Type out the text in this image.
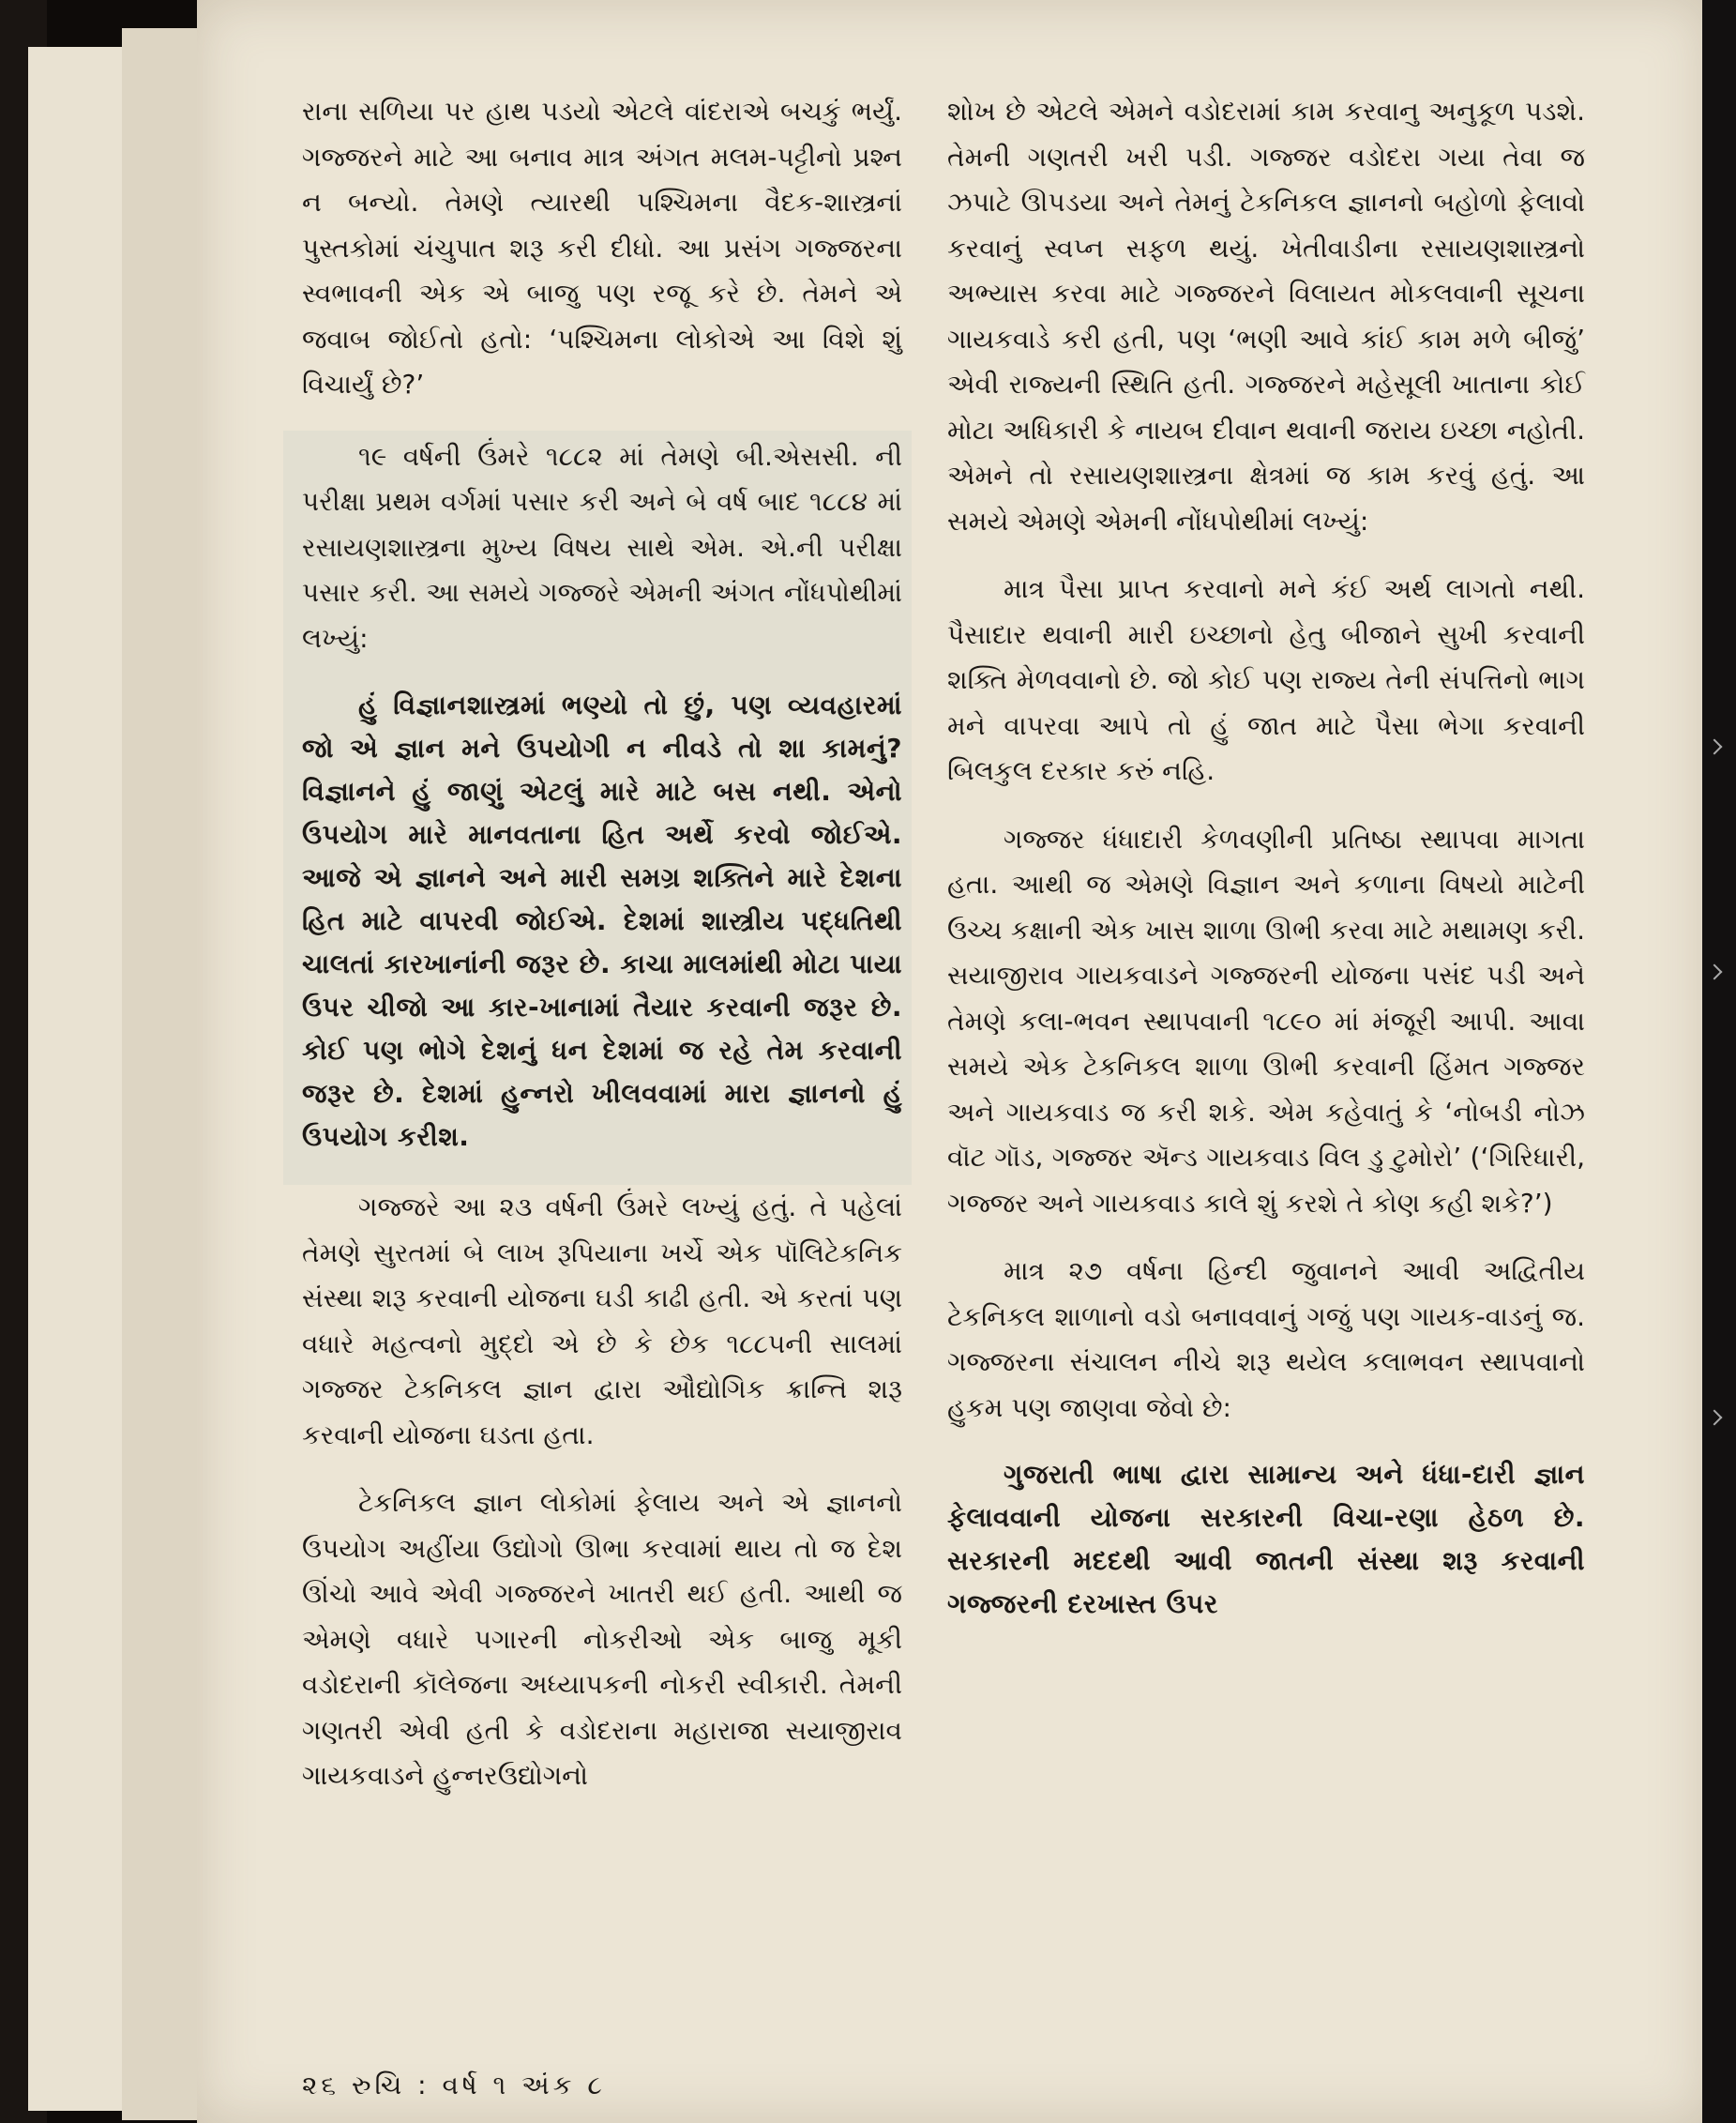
રાના સળિયા પર હાથ પડયો એટલે વાંદરાએ બચકું ભર્યું. ગજ્જરને માટે આ બનાવ માત્ર અંગત મલમ-પટ્ટીનો પ્રશ્ન ન બન્યો. તેમણે ત્યારથી પશ્ચિમના વૈદક-શાસ્ત્રનાં પુસ્તકોમાં ચંચુપાત શરૂ કરી દીધો. આ પ્રસંગ ગજ્જરના સ્વભાવની એક એ બાજુ પણ રજૂ કરે છે. તેમને એ જવાબ જોઈતો હતો: ‘પશ્ચિમના લોકોએ આ વિશે શું વિચાર્યું છે?’

૧૯ વર્ષની ઉંમરે ૧૮૮૨ માં તેમણે બી.એસસી. ની પરીક્ષા પ્રથમ વર્ગમાં પસાર કરી અને બે વર્ષ બાદ ૧૮૮૪ માં રસાયણશાસ્ત્રના મુખ્ય વિષય સાથે એમ. એ.ની પરીક્ષા પસાર કરી. આ સમયે ગજ્જરે એમની અંગત નોંધપોથીમાં લખ્યું:

હું વિજ્ઞાનશાસ્ત્રમાં ભણ્યો તો છું, પણ વ્યવહારમાં જો એ જ્ઞાન મને ઉપયોગી ન નીવડે તો શા કામનું? વિજ્ઞાનને હું જાણું એટલું મારે માટે બસ નથી. એનો ઉપયોગ મારે માનવતાના હિત અર્થે કરવો જોઈએ. આજે એ જ્ઞાનને અને મારી સમગ્ર શક્તિને મારે દેશના હિત માટે વાપરવી જોઈએ. દેશમાં શાસ્ત્રીય પદ્ધતિથી ચાલતાં કારખાનાંની જરૂર છે. કાચા માલમાંથી મોટા પાયા ઉપર ચીજો આ કાર-ખાનામાં તૈયાર કરવાની જરૂર છે. કોઈ પણ ભોગે દેશનું ધન દેશમાં જ રહે તેમ કરવાની જરૂર છે. દેશમાં હુન્નરો ખીલવવામાં મારા જ્ઞાનનો હું ઉપયોગ કરીશ.

ગજ્જરે આ ૨૩ વર્ષની ઉંમરે લખ્યું હતું. તે પહેલાં તેમણે સુરતમાં બે લાખ રૂપિયાના ખર્ચે એક પૉલિટેકનિક સંસ્થા શરૂ કરવાની યોજના ઘડી કાઢી હતી. એ કરતાં પણ વધારે મહત્વનો મુદ્દો એ છે કે છેક ૧૮૮૫ની સાલમાં ગજ્જર ટેકનિકલ જ્ઞાન દ્વારા ઔદ્યોગિક ક્રાન્તિ શરૂ કરવાની યોજના ઘડતા હતા.

ટેકનિકલ જ્ઞાન લોકોમાં ફેલાય અને એ જ્ઞાનનો ઉપયોગ અહીંયા ઉદ્યોગો ઊભા કરવામાં થાય તો જ દેશ ઊંચો આવે એવી ગજ્જરને ખાતરી થઈ હતી. આથી જ એમણે વધારે પગારની નોકરીઓ એક બાજુ મૂકી વડોદરાની કૉલેજના અધ્યાપકની નોકરી સ્વીકારી. તેમની ગણતરી એવી હતી કે વડોદરાના મહારાજા સયાજીરાવ ગાયકવાડને હુન્નરઉદ્યોગનો

શોખ છે એટલે એમને વડોદરામાં કામ કરવાનુ અનુકૂળ પડશે. તેમની ગણતરી ખરી પડી. ગજ્જર વડોદરા ગયા તેવા જ ઝપાટે ઊપડયા અને તેમનું ટેકનિકલ જ્ઞાનનો બહોળો ફેલાવો કરવાનું સ્વપ્ન સફળ થયું. ખેતીવાડીના રસાયણશાસ્ત્રનો અભ્યાસ કરવા માટે ગજ્જરને વિલાયત મોકલવાની સૂચના ગાયકવાડે કરી હતી, પણ ‘ભણી આવે કાંઈ કામ મળે બીજું’ એવી રાજ્યની સ્થિતિ હતી. ગજ્જરને મહેસૂલી ખાતાના કોઈ મોટા અધિકારી કે નાયબ દીવાન થવાની જરાય ઇચ્છા નહોતી. એમને તો રસાયણશાસ્ત્રના ક્ષેત્રમાં જ કામ કરવું હતું. આ સમયે એમણે એમની નોંધપોથીમાં લખ્યું:

માત્ર પૈસા પ્રાપ્ત કરવાનો મને કંઈ અર્થ લાગતો નથી. પૈસાદાર થવાની મારી ઇચ્છાનો હેતુ બીજાને સુખી કરવાની શક્તિ મેળવવાનો છે. જો કોઈ પણ રાજ્ય તેની સંપત્તિનો ભાગ મને વાપરવા આપે તો હું જાત માટે પૈસા ભેગા કરવાની બિલકુલ દરકાર કરું નહિ.

ગજ્જર ધંધાદારી કેળવણીની પ્રતિષ્ઠા સ્થાપવા માગતા હતા. આથી જ એમણે વિજ્ઞાન અને કળાના વિષયો માટેની ઉચ્ચ કક્ષાની એક ખાસ શાળા ઊભી કરવા માટે મથામણ કરી. સયાજીરાવ ગાયકવાડને ગજ્જરની યોજના પસંદ પડી અને તેમણે કલા-ભવન સ્થાપવાની ૧૮૯૦ માં મંજૂરી આપી. આવા સમયે એક ટેકનિકલ શાળા ઊભી કરવાની હિંમત ગજ્જર અને ગાયકવાડ જ કરી શકે. એમ કહેવાતું કે ‘નોબડી નોઝ વૉટ ગૉડ, ગજ્જર ઍન્ડ ગાયકવાડ વિલ ડુ ટુમોરો’ (‘ગિરિધારી, ગજ્જર અને ગાયકવાડ કાલે શું કરશે તે કોણ કહી શકે?’)

માત્ર ૨૭ વર્ષના હિન્દી જુવાનને આવી અદ્વિતીય ટેકનિકલ શાળાનો વડો બનાવવાનું ગજું પણ ગાયક-વાડનું જ. ગજ્જરના સંચાલન નીચે શરૂ થયેલ કલાભવન સ્થાપવાનો હુકમ પણ જાણવા જેવો છે:

ગુજરાતી ભાષા દ્વારા સામાન્ય અને ધંધા-દારી જ્ઞાન ફેલાવવાની યોજના સરકારની વિચા-રણા હેઠળ છે. સરકારની મદદથી આવી જાતની સંસ્થા શરૂ કરવાની ગજ્જરની દરખાસ્ત ઉપર

૨૬ રુચિ : વર્ષ ૧ અંક ૮
